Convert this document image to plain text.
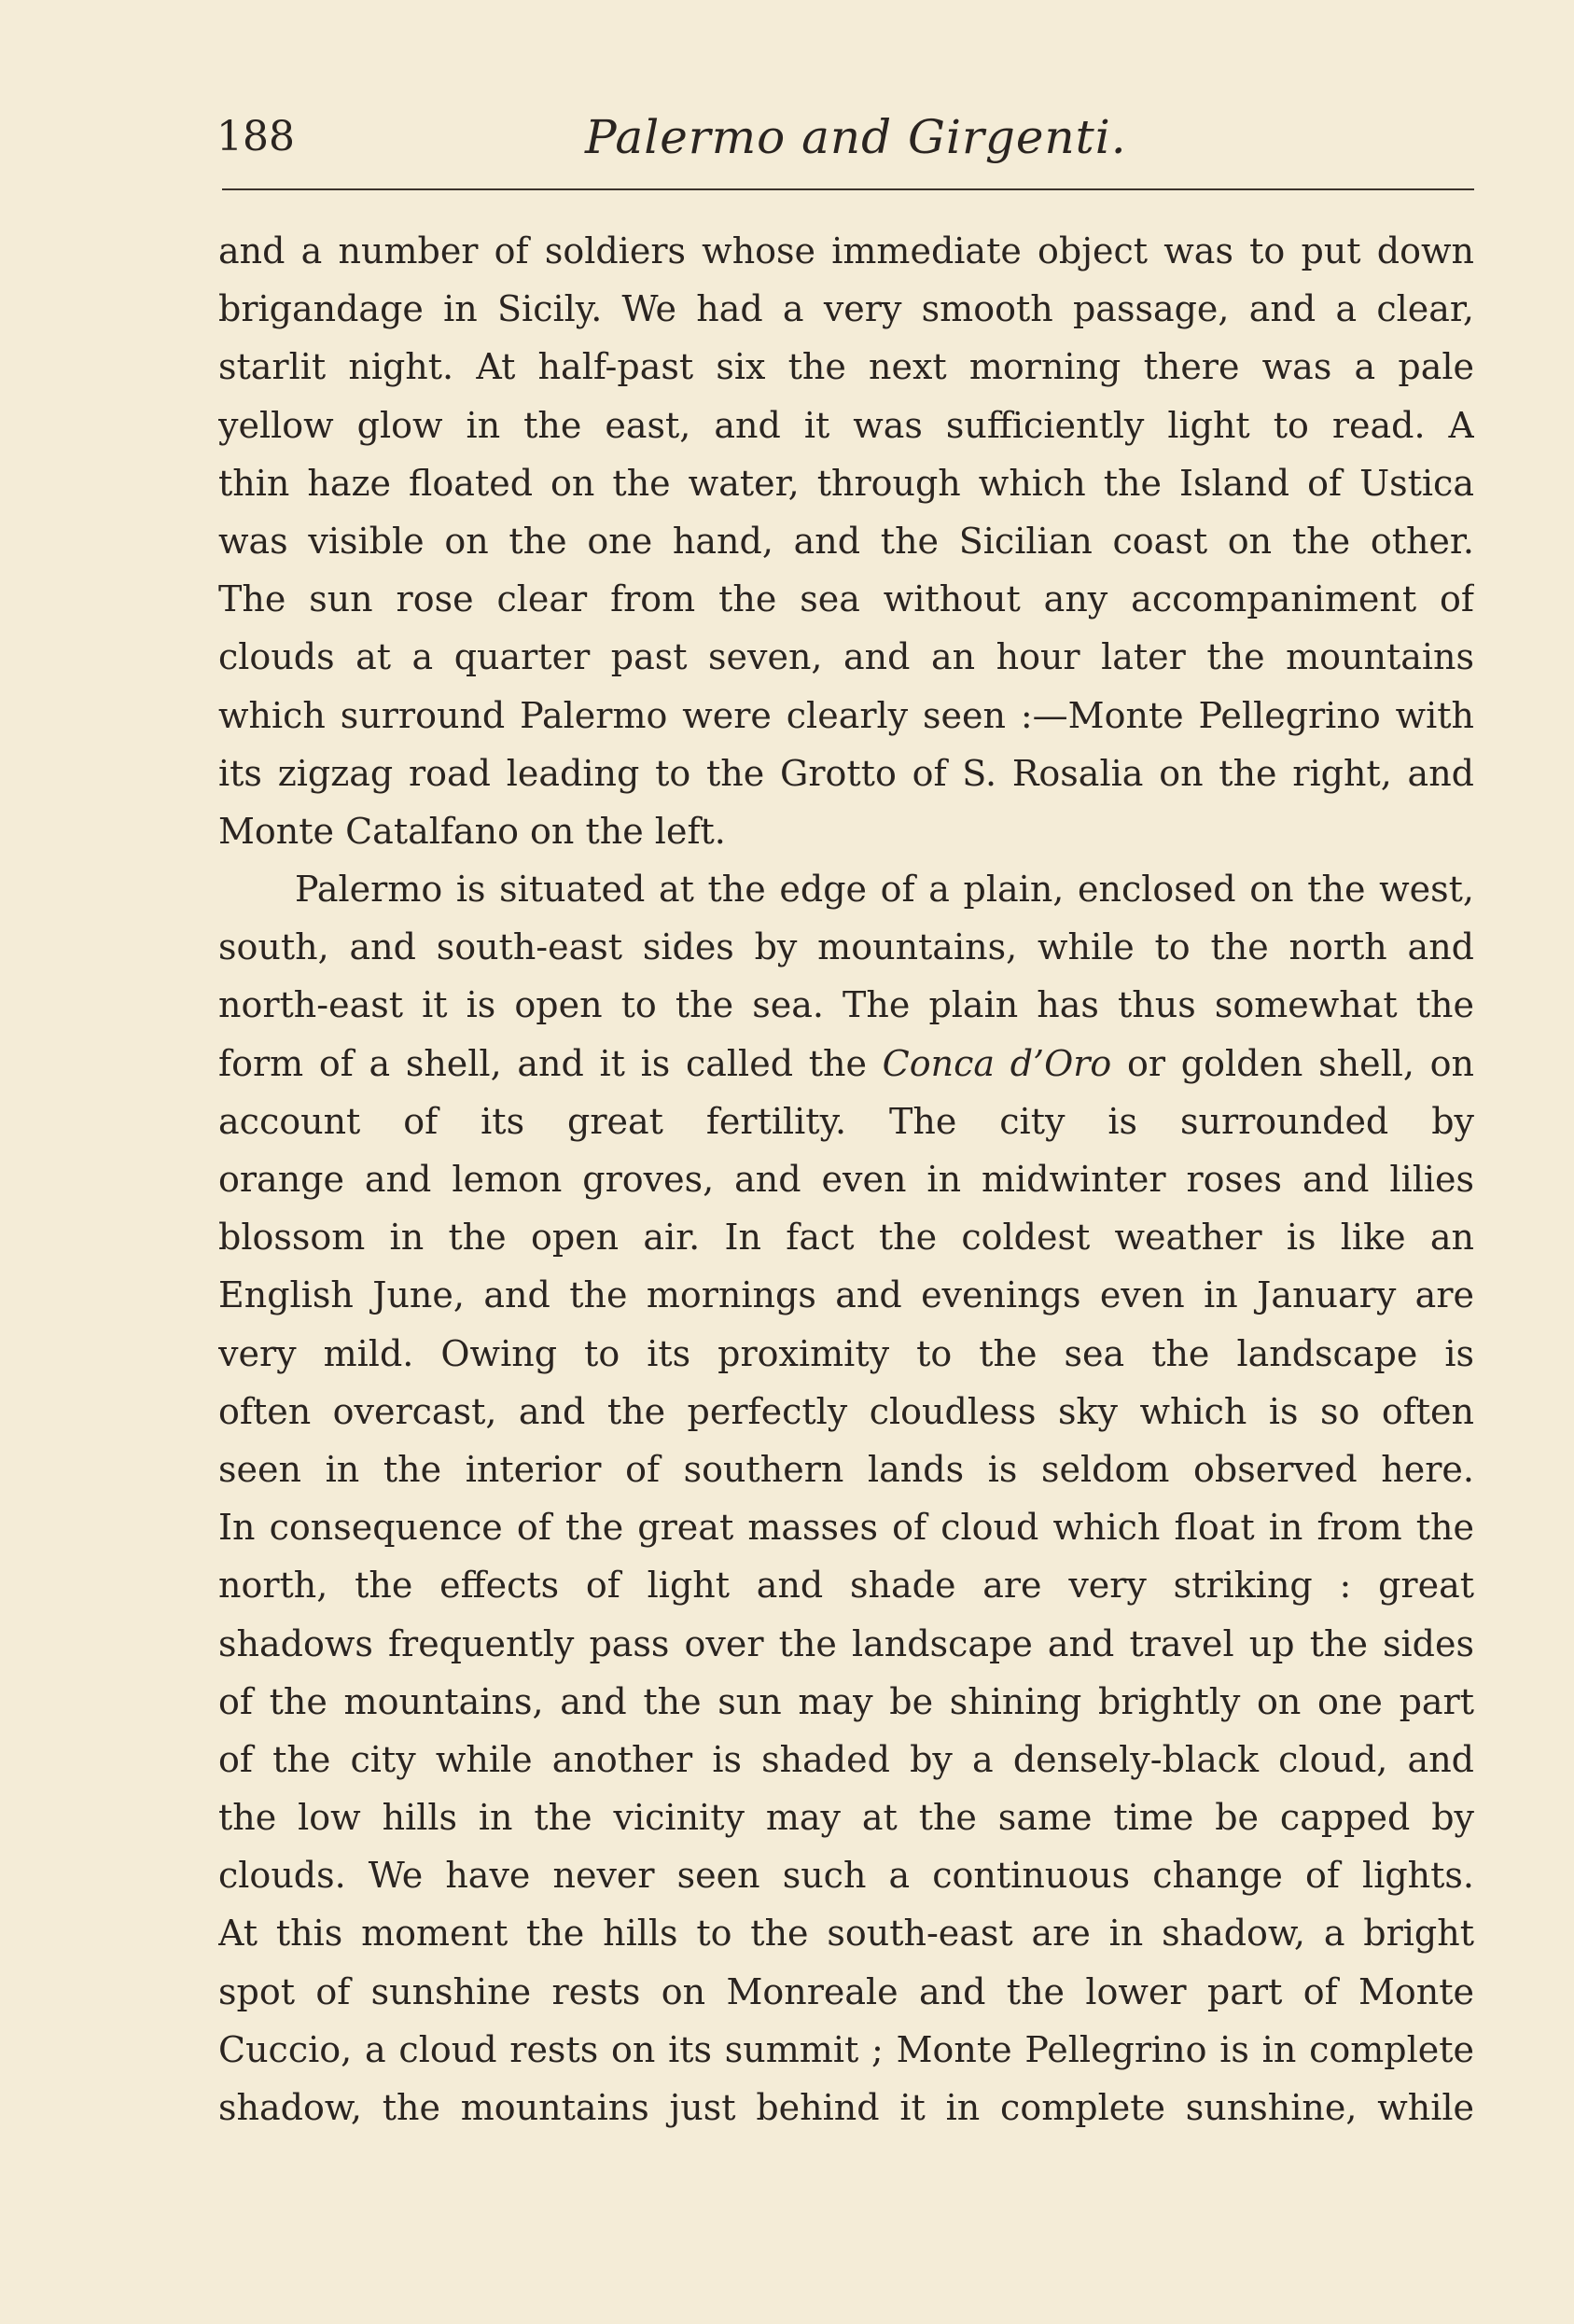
188	Palermo and Girgenti.
and a number of soldiers whose immediate object was to put down
brigandage in Sicily. We had a very smooth passage, and a clear,
starlit night. At half-past six the next morning there was a pale
yellow glow in the east, and it was sufficiently light to read. A
thin haze floated on the water, through which the Island of Ustica
was visible on the one hand, and the Sicilian coast on the other.
The sun rose clear from the sea without any accompaniment of
clouds at a quarter past seven, and an hour later the mountains
which surround Palermo were clearly seen :—Monte Pellegrino with
its zigzag road leading to the Grotto of S. Rosalia on the right, and
Monte Catalfano on the left.
Palermo is situated at the edge of a plain, enclosed on the west,
south, and south-east sides by mountains, while to the north and
north-east it is open to the sea. The plain has thus somewhat the
form of a shell, and it is called the Conca d’Oro or golden shell, on
account of its great fertility. The city is surrounded by
orange and lemon groves, and even in midwinter roses and lilies
blossom in the open air. In fact the coldest weather is like an
English June, and the mornings and evenings even in January are
very mild. Owing to its proximity to the sea the landscape is
often overcast, and the perfectly cloudless sky which is so often
seen in the interior of southern lands is seldom observed here.
In consequence of the great masses of cloud which float in from the
north, the effects of light and shade are very striking : great
shadows frequently pass over the landscape and travel up the sides
of the mountains, and the sun may be shining brightly on one part
of the city while another is shaded by a densely-black cloud, and
the low hills in the vicinity may at the same time be capped by
clouds. We have never seen such a continuous change of lights.
At this moment the hills to the south-east are in shadow, a bright
spot of sunshine rests on Monreale and the lower part of Monte
Cuccio, a cloud rests on its summit ; Monte Pellegrino is in complete
shadow, the mountains just behind it in complete sunshine, while
